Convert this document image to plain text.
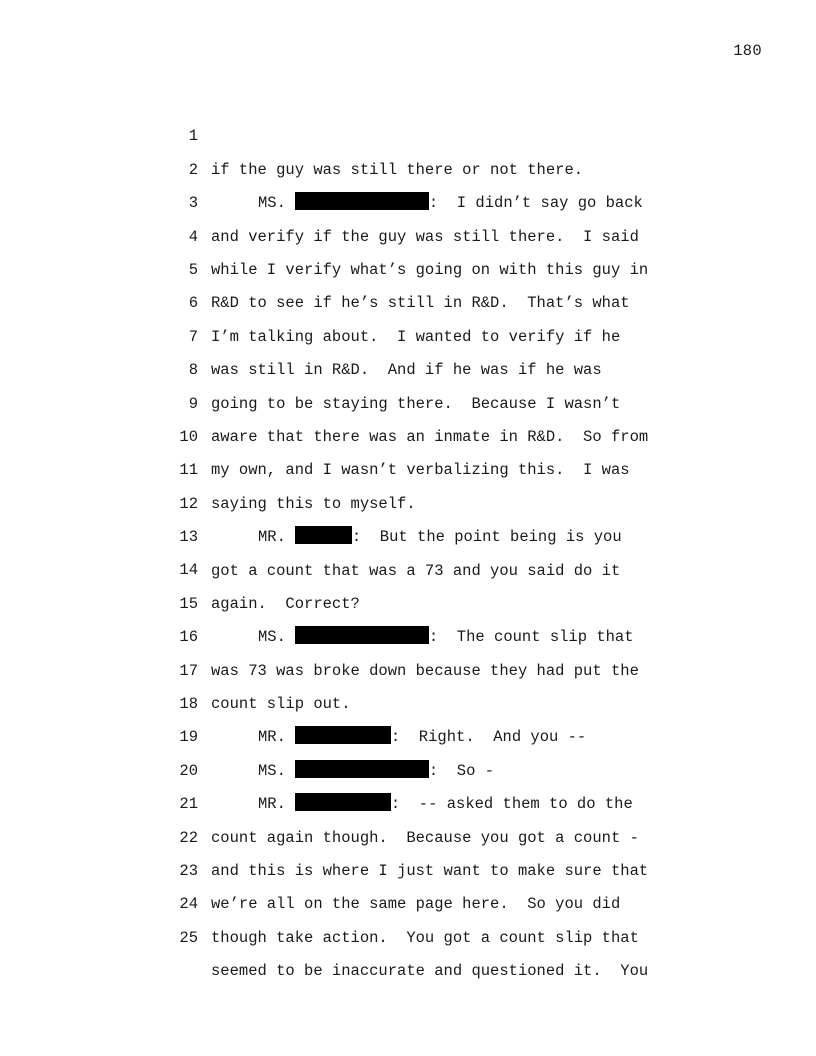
180

1

if the guy was still there or not there.

2

MS.	:  I didn’t say go back

3

and verify if the guy was still there.  I said

4

while I verify what’s going on with this guy in

5

R&D to see if he’s still in R&D.  That’s what

6

I’m talking about.  I wanted to verify if he

7

was still in R&D.  And if he was if he was

8

going to be staying there.  Because I wasn’t

9

aware that there was an inmate in R&D.  So from

10

my own, and I wasn’t verbalizing this.  I was

11

saying this to myself.

12

MR.	:  But the point being is you

13

got a count that was a 73 and you said do it

14

again.  Correct?

15

MS.	:  The count slip that

16

was 73 was broke down because they had put the

17

count slip out.

18

MR.	:  Right.  And you --

19

MS.	:  So -

20

MR.	:  -- asked them to do the

21

count again though.  Because you got a count -

22

and this is where I just want to make sure that

23

we’re all on the same page here.  So you did

24

though take action.  You got a count slip that

25

seemed to be inaccurate and questioned it.  You
